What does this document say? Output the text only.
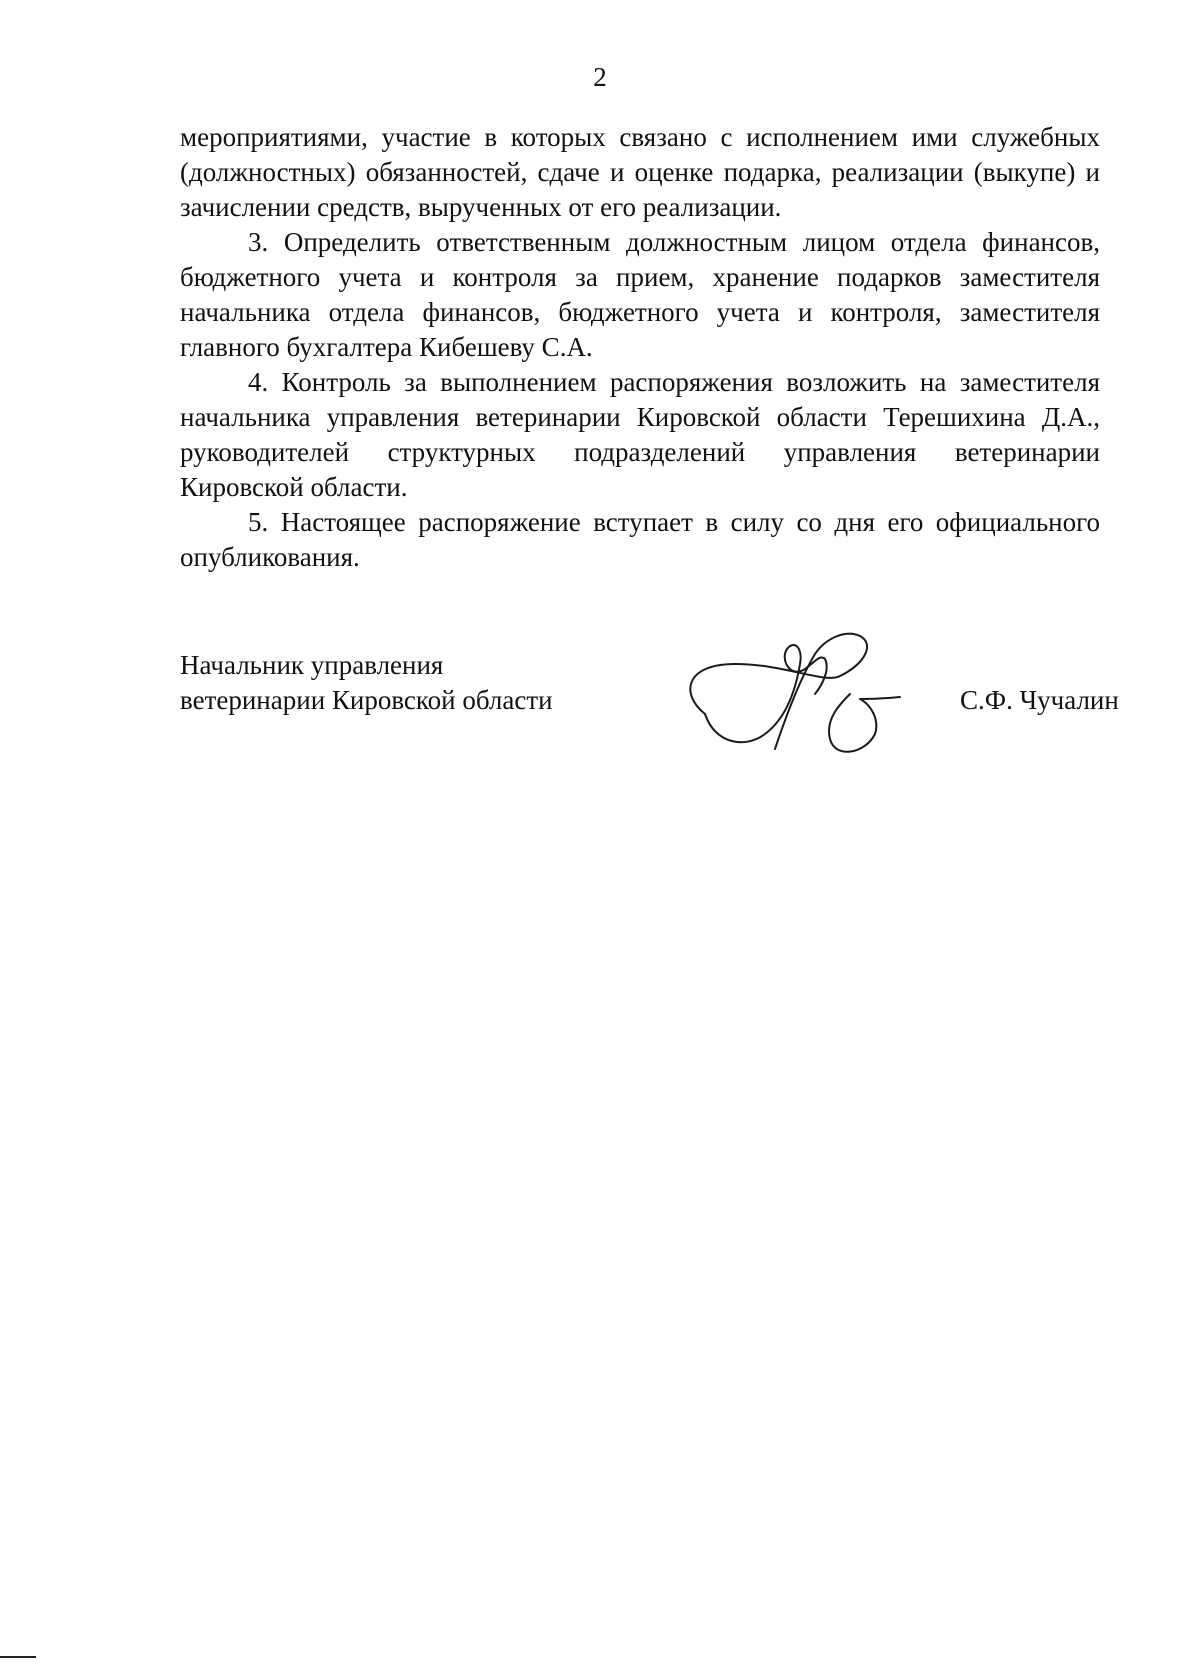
2

мероприятиями, участие в которых связано с исполнением ими служебных (должностных) обязанностей, сдаче и оценке подарка, реализации (выкупе) и зачислении средств, вырученных от его реализации.

3. Определить ответственным должностным лицом отдела финансов, бюджетного учета и контроля за прием, хранение подарков заместителя начальника отдела финансов, бюджетного учета и контроля, заместителя главного бухгалтера Кибешеву С.А.

4. Контроль за выполнением распоряжения возложить на заместителя начальника управления ветеринарии Кировской области Терешихина Д.А., руководителей структурных подразделений управления ветеринарии Кировской области.

5. Настоящее распоряжение вступает в силу со дня его официального опубликования.

Начальник управления
ветеринарии Кировской области	С.Ф. Чучалин
